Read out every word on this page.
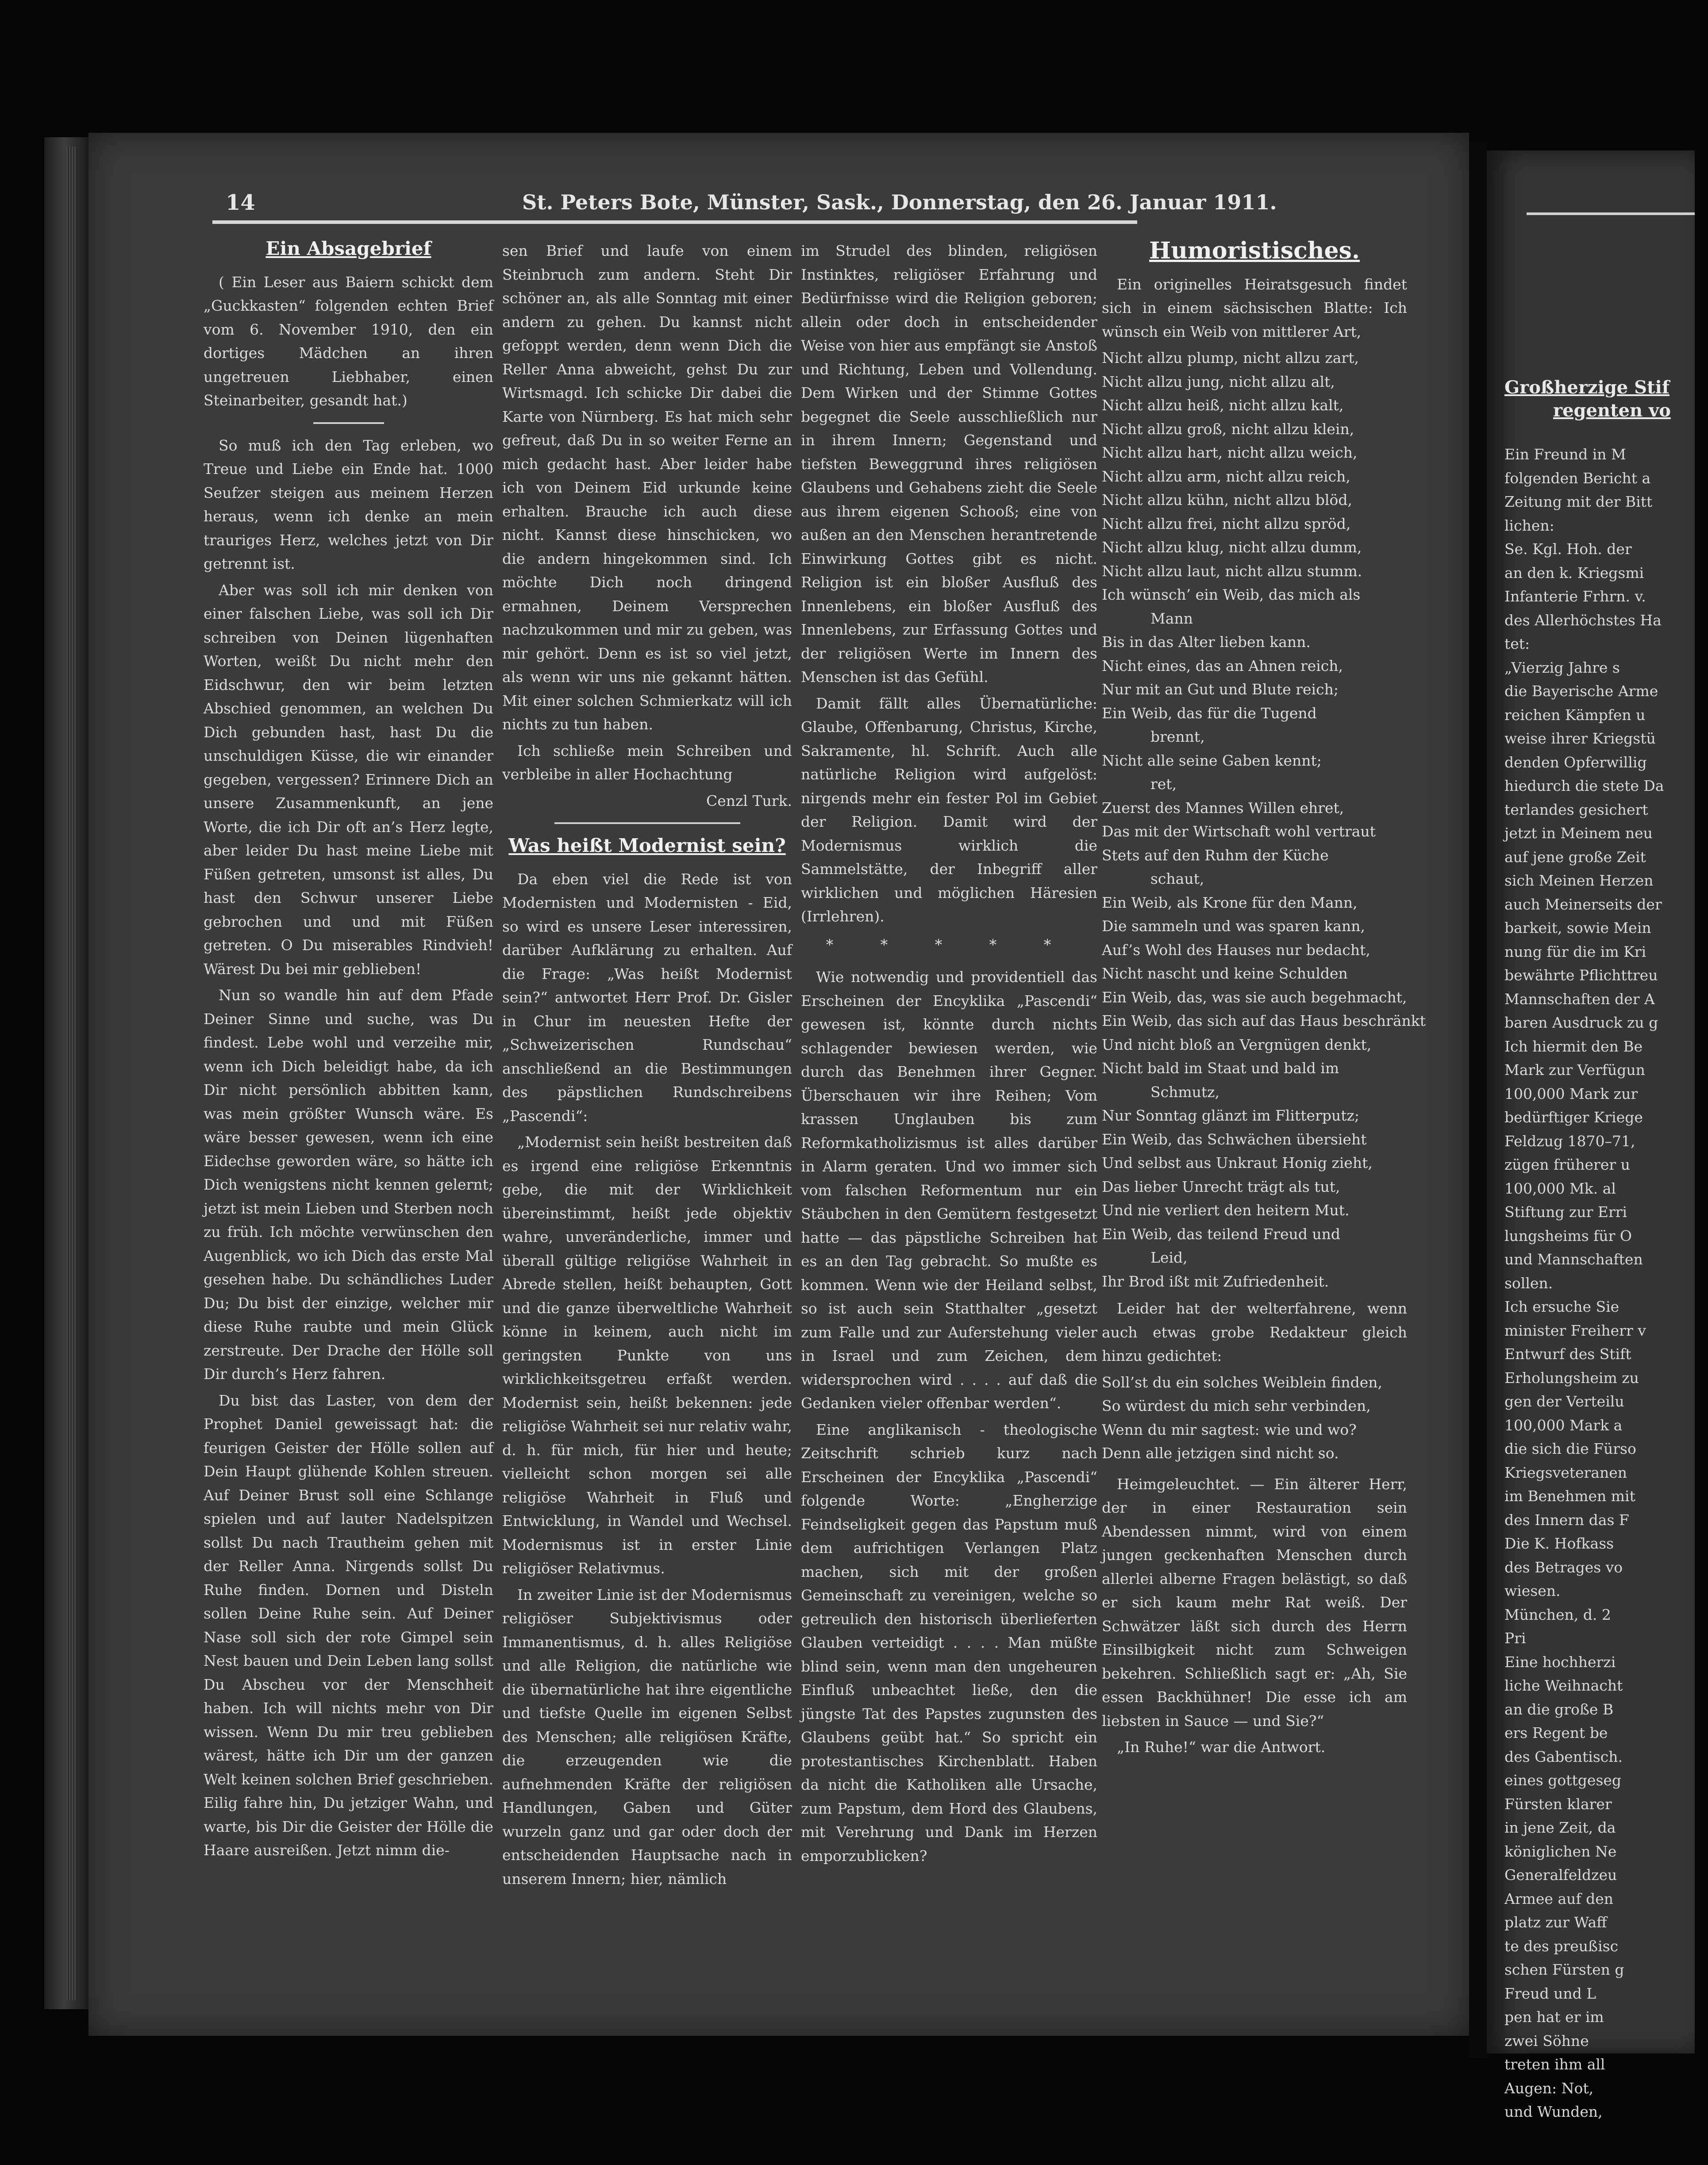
Großherzige Stif
regenten vo
Ein Freund in M
folgenden Bericht a
Zeitung mit der Bitt
lichen:
Se. Kgl. Hoh. der
an den k. Kriegsmi
Infanterie Frhrn. v.
des Allerhöchstes Ha
tet:
„Vierzig Jahre s
die Bayerische Arme
reichen Kämpfen u
weise ihrer Kriegstü
denden Opferwillig
hiedurch die stete Da
terlandes gesichert
jetzt in Meinem neu
auf jene große Zeit
sich Meinen Herzen
auch Meinerseits der
barkeit, sowie Mein
nung für die im Kri
bewährte Pflichttreu
Mannschaften der A
baren Ausdruck zu g
Ich hiermit den Be
Mark zur Verfügun
100,000 Mark zur
bedürftiger Kriege
Feldzug 1870–71,
zügen früherer u
100,000 Mk. al
Stiftung zur Erri
lungsheims für O
und Mannschaften
sollen.
Ich ersuche Sie
minister Freiherr v
Entwurf des Stift
Erholungsheim zu
gen der Verteilu
100,000 Mark a
die sich die Fürso
Kriegsveteranen
im Benehmen mit
des Innern das F
Die K. Hofkass
des Betrages vo
wiesen.
München, d. 2
Pri
Eine hochherzi
liche Weihnacht
an die große B
ers Regent be
des Gabentisch.
eines gottgeseg
Fürsten klarer
in jene Zeit, da
königlichen Ne
Generalfeldzeu
Armee auf den
platz zur Waff
te des preußisc
schen Fürsten g
Freud und L
pen hat er im
zwei Söhne
treten ihm all
Augen: Not,
und Wunden,
14	St. Peters Bote, Münster, Sask., Donnerstag, den 26. Januar 1911.
Ein Absagebrief

( Ein Leser aus Baiern schickt dem „Guckkasten“ folgenden echten Brief vom 6. November 1910, den ein dortiges Mädchen an ihren ungetreuen Liebhaber, einen Steinarbeiter, gesandt hat.)

So muß ich den Tag erleben, wo Treue und Liebe ein Ende hat. 1000 Seufzer steigen aus meinem Herzen heraus, wenn ich denke an mein trauriges Herz, welches jetzt von Dir getrennt ist.

Aber was soll ich mir denken von einer falschen Liebe, was soll ich Dir schreiben von Deinen lügenhaften Worten, weißt Du nicht mehr den Eidschwur, den wir beim letzten Abschied genommen, an welchen Du Dich gebunden hast, hast Du die unschuldigen Küsse, die wir einander gegeben, vergessen? Erinnere Dich an unsere Zusammenkunft, an jene Worte, die ich Dir oft an’s Herz legte, aber leider Du hast meine Liebe mit Füßen getreten, umsonst ist alles, Du hast den Schwur unserer Liebe gebrochen und und mit Füßen getreten. O Du miserables Rindvieh! Wärest Du bei mir geblieben!

Nun so wandle hin auf dem Pfade Deiner Sinne und suche, was Du findest. Lebe wohl und verzeihe mir, wenn ich Dich beleidigt habe, da ich Dir nicht persönlich abbitten kann, was mein größter Wunsch wäre. Es wäre besser gewesen, wenn ich eine Eidechse geworden wäre, so hätte ich Dich wenigstens nicht kennen gelernt; jetzt ist mein Lieben und Sterben noch zu früh. Ich möchte verwünschen den Augenblick, wo ich Dich das erste Mal gesehen habe. Du schändliches Luder Du; Du bist der einzige, welcher mir diese Ruhe raubte und mein Glück zerstreute. Der Drache der Hölle soll Dir durch’s Herz fahren.

Du bist das Laster, von dem der Prophet Daniel geweissagt hat: die feurigen Geister der Hölle sollen auf Dein Haupt glühende Kohlen streuen. Auf Deiner Brust soll eine Schlange spielen und auf lauter Nadelspitzen sollst Du nach Trautheim gehen mit der Reller Anna. Nirgends sollst Du Ruhe finden. Dornen und Disteln sollen Deine Ruhe sein. Auf Deiner Nase soll sich der rote Gimpel sein Nest bauen und Dein Leben lang sollst Du Abscheu vor der Menschheit haben. Ich will nichts mehr von Dir wissen. Wenn Du mir treu geblieben wärest, hätte ich Dir um der ganzen Welt keinen solchen Brief geschrieben. Eilig fahre hin, Du jetziger Wahn, und warte, bis Dir die Geister der Hölle die Haare ausreißen. Jetzt nimm die-

sen Brief und laufe von einem Steinbruch zum andern. Steht Dir schöner an, als alle Sonntag mit einer andern zu gehen. Du kannst nicht gefoppt werden, denn wenn Dich die Reller Anna abweicht, gehst Du zur Wirtsmagd. Ich schicke Dir dabei die Karte von Nürnberg. Es hat mich sehr gefreut, daß Du in so weiter Ferne an mich gedacht hast. Aber leider habe ich von Deinem Eid urkunde keine erhalten. Brauche ich auch diese nicht. Kannst diese hinschicken, wo die andern hingekommen sind. Ich möchte Dich noch dringend ermahnen, Deinem Versprechen nachzukommen und mir zu geben, was mir gehört. Denn es ist so viel jetzt, als wenn wir uns nie gekannt hätten. Mit einer solchen Schmierkatz will ich nichts zu tun haben.

Ich schließe mein Schreiben und verbleibe in aller Hochachtung

Cenzl Turk.
Was heißt Modernist sein?

Da eben viel die Rede ist von Modernisten und Modernisten - Eid, so wird es unsere Leser interessiren, darüber Aufklärung zu erhalten. Auf die Frage: „Was heißt Modernist sein?“ antwortet Herr Prof. Dr. Gisler in Chur im neuesten Hefte der „Schweizerischen Rundschau“ anschließend an die Bestimmungen des päpstlichen Rundschreibens „Pascendi“:

„Modernist sein heißt bestreiten daß es irgend eine religiöse Erkenntnis gebe, die mit der Wirklichkeit übereinstimmt, heißt jede objektiv wahre, unveränderliche, immer und überall gültige religiöse Wahrheit in Abrede stellen, heißt behaupten, Gott und die ganze überweltliche Wahrheit könne in keinem, auch nicht im geringsten Punkte von uns wirklichkeitsgetreu erfaßt werden. Modernist sein, heißt bekennen: jede religiöse Wahrheit sei nur relativ wahr, d. h. für mich, für hier und heute; vielleicht schon morgen sei alle religiöse Wahrheit in Fluß und Entwicklung, in Wandel und Wechsel. Modernismus ist in erster Linie religiöser Relativmus.

In zweiter Linie ist der Modernismus religiöser Subjektivismus oder Immanentismus, d. h. alles Religiöse und alle Religion, die natürliche wie die übernatürliche hat ihre eigentliche und tiefste Quelle im eigenen Selbst des Menschen; alle religiösen Kräfte, die erzeugenden wie die aufnehmenden Kräfte der religiösen Handlungen, Gaben und Güter wurzeln ganz und gar oder doch der entscheidenden Hauptsache nach in unserem Innern; hier, nämlich

im Strudel des blinden, religiösen Instinktes, religiöser Erfahrung und Bedürfnisse wird die Religion geboren; allein oder doch in entscheidender Weise von hier aus empfängt sie Anstoß und Richtung, Leben und Vollendung. Dem Wirken und der Stimme Gottes begegnet die Seele ausschließlich nur in ihrem Innern; Gegenstand und tiefsten Beweggrund ihres religiösen Glaubens und Gehabens zieht die Seele aus ihrem eigenen Schooß; eine von außen an den Menschen herantretende Einwirkung Gottes gibt es nicht. Religion ist ein bloßer Ausfluß des Innenlebens, ein bloßer Ausfluß des Innenlebens, zur Erfassung Gottes und der religiösen Werte im Innern des Menschen ist das Gefühl.

Damit fällt alles Übernatürliche: Glaube, Offenbarung, Christus, Kirche, Sakramente, hl. Schrift. Auch alle natürliche Religion wird aufgelöst: nirgends mehr ein fester Pol im Gebiet der Religion. Damit wird der Modernismus wirklich die Sammelstätte, der Inbegriff aller wirklichen und möglichen Häresien (Irrlehren).

* * * * *

Wie notwendig und providentiell das Erscheinen der Encyklika „Pascendi“ gewesen ist, könnte durch nichts schlagender bewiesen werden, wie durch das Benehmen ihrer Gegner. Überschauen wir ihre Reihen; Vom krassen Unglauben bis zum Reformkatholizismus ist alles darüber in Alarm geraten. Und wo immer sich vom falschen Reformentum nur ein Stäubchen in den Gemütern festgesetzt hatte — das päpstliche Schreiben hat es an den Tag gebracht. So mußte es kommen. Wenn wie der Heiland selbst, so ist auch sein Statthalter „gesetzt zum Falle und zur Auferstehung vieler in Israel und zum Zeichen, dem widersprochen wird . . . . auf daß die Gedanken vieler offenbar werden“.

Eine anglikanisch - theologische Zeitschrift schrieb kurz nach Erscheinen der Encyklika „Pascendi“ folgende Worte: „Engherzige Feindseligkeit gegen das Papstum muß dem aufrichtigen Verlangen Platz machen, sich mit der großen Gemeinschaft zu vereinigen, welche so getreulich den historisch überlieferten Glauben verteidigt . . . . Man müßte blind sein, wenn man den ungeheuren Einfluß unbeachtet ließe, den die jüngste Tat des Papstes zugunsten des Glaubens geübt hat.“ So spricht ein protestantisches Kirchenblatt. Haben da nicht die Katholiken alle Ursache, zum Papstum, dem Hord des Glaubens, mit Verehrung und Dank im Herzen emporzublicken?

Humoristisches.

Ein originelles Heiratsgesuch findet sich in einem sächsischen Blatte: Ich wünsch ein Weib von mittlerer Art,

Nicht allzu plump, nicht allzu zart,
Nicht allzu jung, nicht allzu alt,
Nicht allzu heiß, nicht allzu kalt,
Nicht allzu groß, nicht allzu klein,
Nicht allzu hart, nicht allzu weich,
Nicht allzu arm, nicht allzu reich,
Nicht allzu kühn, nicht allzu blöd,
Nicht allzu frei, nicht allzu spröd,
Nicht allzu klug, nicht allzu dumm,
Nicht allzu laut, nicht allzu stumm.
Ich wünsch’ ein Weib, das mich als
Mann
Bis in das Alter lieben kann.
Nicht eines, das an Ahnen reich,
Nur mit an Gut und Blute reich;
Ein Weib, das für die Tugend
brennt,
Nicht alle seine Gaben kennt;
ret,
Zuerst des Mannes Willen ehret,
Das mit der Wirtschaft wohl vertraut
Stets auf den Ruhm der Küche
schaut,
Ein Weib, als Krone für den Mann,
Die sammeln und was sparen kann,
Auf’s Wohl des Hauses nur bedacht,
Nicht nascht und keine Schulden
Ein Weib, das, was sie auch begehmacht,
Ein Weib, das sich auf das Haus beschränkt
Und nicht bloß an Vergnügen denkt,
Nicht bald im Staat und bald im
Schmutz,
Nur Sonntag glänzt im Flitterputz;
Ein Weib, das Schwächen übersieht
Und selbst aus Unkraut Honig zieht,
Das lieber Unrecht trägt als tut,
Und nie verliert den heitern Mut.
Ein Weib, das teilend Freud und
Leid,
Ihr Brod ißt mit Zufriedenheit.

Leider hat der welterfahrene, wenn auch etwas grobe Redakteur gleich hinzu gedichtet:

Soll’st du ein solches Weiblein finden,
So würdest du mich sehr verbinden,
Wenn du mir sagtest: wie und wo?
Denn alle jetzigen sind nicht so.

Heimgeleuchtet. — Ein älterer Herr, der in einer Restauration sein Abendessen nimmt, wird von einem jungen geckenhaften Menschen durch allerlei alberne Fragen belästigt, so daß er sich kaum mehr Rat weiß. Der Schwätzer läßt sich durch des Herrn Einsilbigkeit nicht zum Schweigen bekehren. Schließlich sagt er: „Ah, Sie essen Backhühner! Die esse ich am liebsten in Sauce — und Sie?“

„In Ruhe!“ war die Antwort.
